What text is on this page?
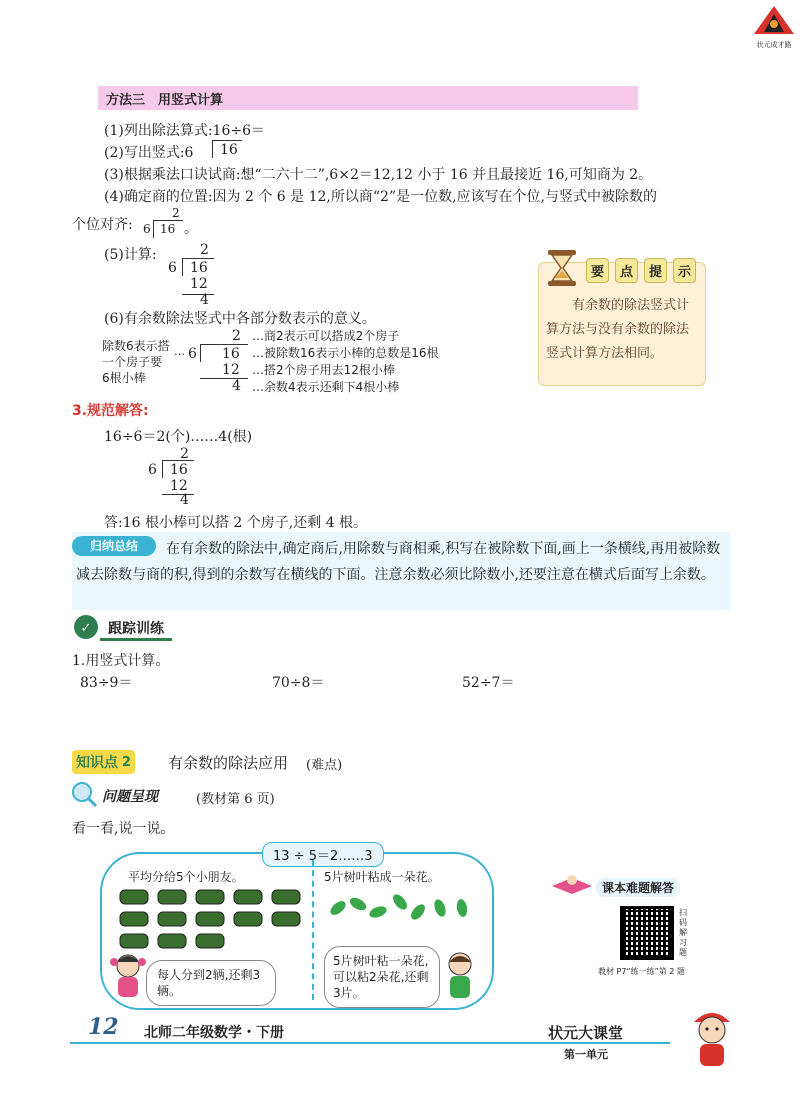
状元成才路
方法三　用竖式计算
(1)列出除法算式:16÷6＝
(2)写出竖式:6 16
(3)根据乘法口诀试商:想“二六十二”,6×2＝12,12 小于 16 并且最接近 16,可知商为 2。
(4)确定商的位置:因为 2 个 6 是 12,所以商“2”是一位数,应该写在个位,与竖式中被除数的
个位对齐: 6
2
16 。
(5)计算:	2
6 16
12
4
要	点	提	示
有余数的除法竖式计算方法与没有余数的除法竖式计算方法相同。
(6)有余数除法竖式中各部分数表示的意义。
除数6表示搭
一个房子要
6根小棒
… 6
2
16
12
4
…商2表示可以搭成2个房子
…被除数16表示小棒的总数是16根
…搭2个房子用去12根小棒
…余数4表示还剩下4根小棒
3.规范解答:
16÷6＝2(个)……4(根)
2
6 16
12
4
答:16 根小棒可以搭 2 个房子,还剩 4 根。
归纳总结	在有余数的除法中,确定商后,用除数与商相乘,积写在被除数下面,画上一条横线,再用被除数减去除数与商的积,得到的余数写在横线的下面。注意余数必须比除数小,还要注意在横式后面写上余数。
✓	跟踪训练
1.用竖式计算。
83÷9＝	70÷8＝	52÷7＝
知识点 2 有余数的除法应用 (难点)
问题呈现	(教材第 6 页)
看一看,说一说。
13 ÷ 5＝2……3
平均分给5个小朋友。	5片树叶粘成一朵花。
每人分到2辆,还剩3辆。
5片树叶粘一朵花,可以粘2朵花,还剩3片。
课本难题解答
扫码解习题
教材 P7“练一练”第 2 题
12 北师二年级数学・下册	状元大课堂
第一单元
